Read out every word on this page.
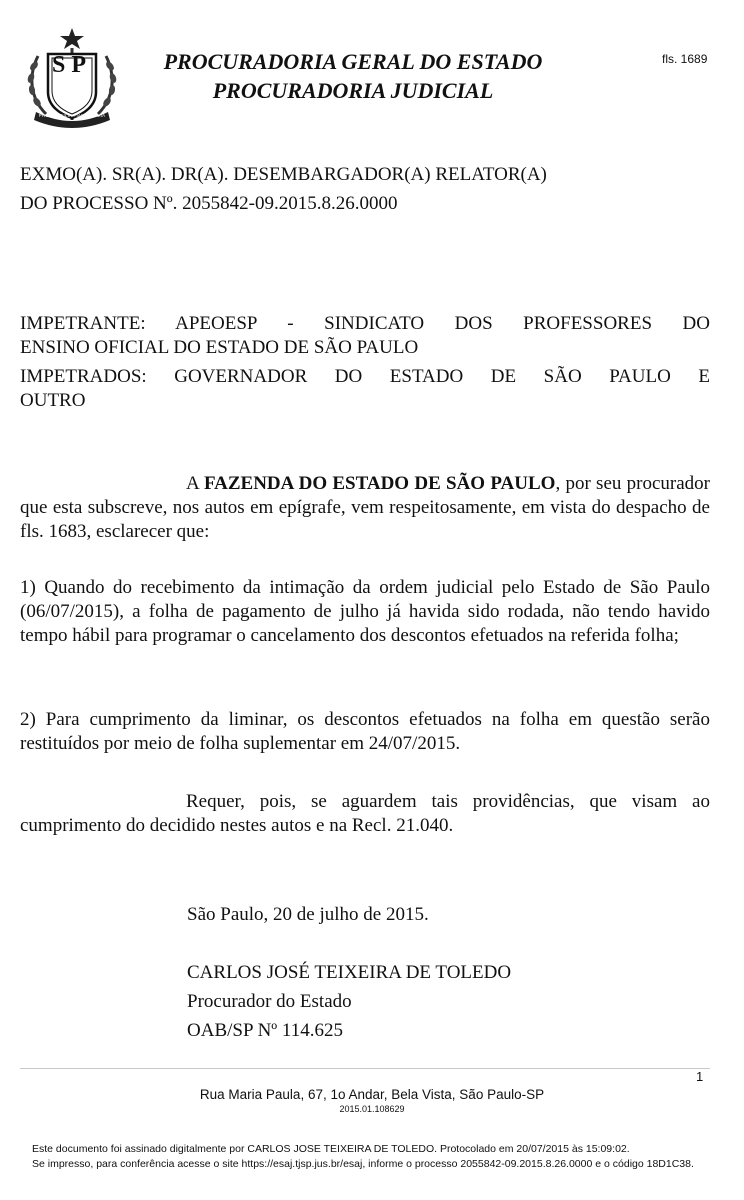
SP
PRO BRASILIA FIANT EXIMIA
PROCURADORIA GERAL DO ESTADO
PROCURADORIA JUDICIAL
fls. 1689
EXMO(A). SR(A). DR(A). DESEMBARGADOR(A) RELATOR(A)
DO PROCESSO Nº. 2055842-09.2015.8.26.0000
IMPETRANTE: APEOESP - SINDICATO DOS PROFESSORES DO
ENSINO OFICIAL DO ESTADO DE SÃO PAULO
IMPETRADOS: GOVERNADOR DO ESTADO DE SÃO PAULO E
OUTRO
A FAZENDA DO ESTADO DE SÃO PAULO, por seu procurador que esta subscreve, nos autos em epígrafe, vem respeitosamente, em vista do despacho de fls. 1683, esclarecer que:
1) Quando do recebimento da intimação da ordem judicial pelo Estado de São Paulo (06/07/2015), a folha de pagamento de julho já havida sido rodada, não tendo havido tempo hábil para programar o cancelamento dos descontos efetuados na referida folha;
2) Para cumprimento da liminar, os descontos efetuados na folha em questão serão restituídos por meio de folha suplementar em 24/07/2015.
Requer, pois, se aguardem tais providências, que visam ao cumprimento do decidido nestes autos e na Recl. 21.040.
São Paulo, 20 de julho de 2015.
CARLOS JOSÉ TEIXEIRA DE TOLEDO
Procurador do Estado
OAB/SP Nº 114.625
1
Rua Maria Paula, 67, 1o Andar, Bela Vista, São Paulo-SP
2015.01.108629
Este documento foi assinado digitalmente por CARLOS JOSE TEIXEIRA DE TOLEDO. Protocolado em 20/07/2015 às 15:09:02.
Se impresso, para conferência acesse o site https://esaj.tjsp.jus.br/esaj, informe o processo 2055842-09.2015.8.26.0000 e o código 18D1C38.
